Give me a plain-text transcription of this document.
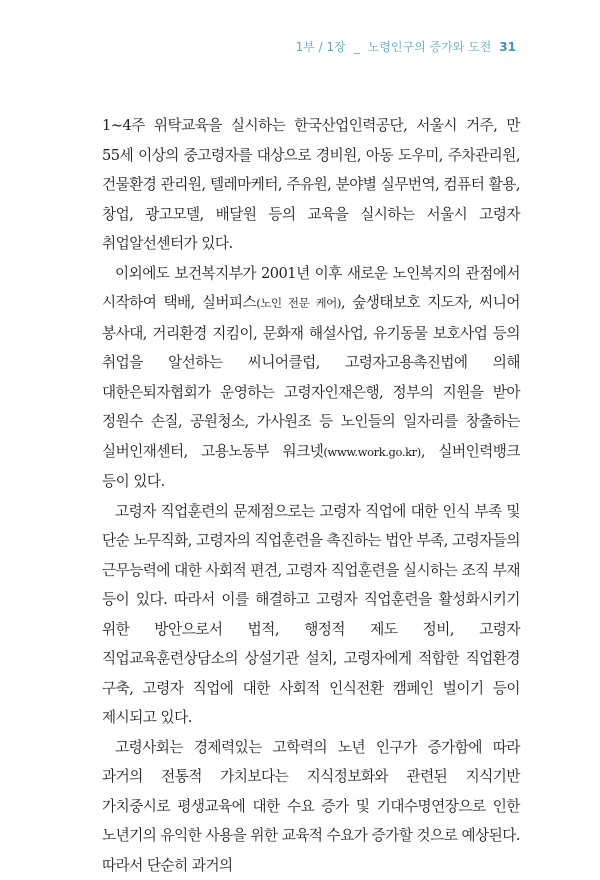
1부 / 1장 _ 노령인구의 증가와 도전 31

1~4주 위탁교육을 실시하는 한국산업인력공단, 서울시 거주, 만 55세 이상의 중고령자를 대상으로 경비원, 아동 도우미, 주차관리원, 건물환경 관리원, 텔레마케터, 주유원, 분야별 실무번역, 컴퓨터 활용, 창업, 광고모델, 배달원 등의 교육을 실시하는 서울시 고령자 취업알선센터가 있다.

이외에도 보건복지부가 2001년 이후 새로운 노인복지의 관점에서 시작하여 택배, 실버피스(노인 전문 케어), 숲생태보호 지도자, 씨니어 봉사대, 거리환경 지킴이, 문화재 해설사업, 유기동물 보호사업 등의 취업을 알선하는 씨니어클럽, 고령자고용촉진법에 의해 대한은퇴자협회가 운영하는 고령자인재은행, 정부의 지원을 받아 정원수 손질, 공원청소, 가사원조 등 노인들의 일자리를 창출하는 실버인재센터, 고용노동부 워크넷(www.work.go.kr), 실버인력뱅크 등이 있다.

고령자 직업훈련의 문제점으로는 고령자 직업에 대한 인식 부족 및 단순 노무직화, 고령자의 직업훈련을 촉진하는 법안 부족, 고령자들의 근무능력에 대한 사회적 편견, 고령자 직업훈련을 실시하는 조직 부재 등이 있다. 따라서 이를 해결하고 고령자 직업훈련을 활성화시키기 위한 방안으로서 법적, 행정적 제도 정비, 고령자 직업교육훈련상담소의 상설기관 설치, 고령자에게 적합한 직업환경 구축, 고령자 직업에 대한 사회적 인식전환 캠페인 벌이기 등이 제시되고 있다.

고령사회는 경제력있는 고학력의 노년 인구가 증가함에 따라 과거의 전통적 가치보다는 지식정보화와 관련된 지식기반 가치중시로 평생교육에 대한 수요 증가 및 기대수명연장으로 인한 노년기의 유익한 사용을 위한 교육적 수요가 증가할 것으로 예상된다. 따라서 단순히 과거의
